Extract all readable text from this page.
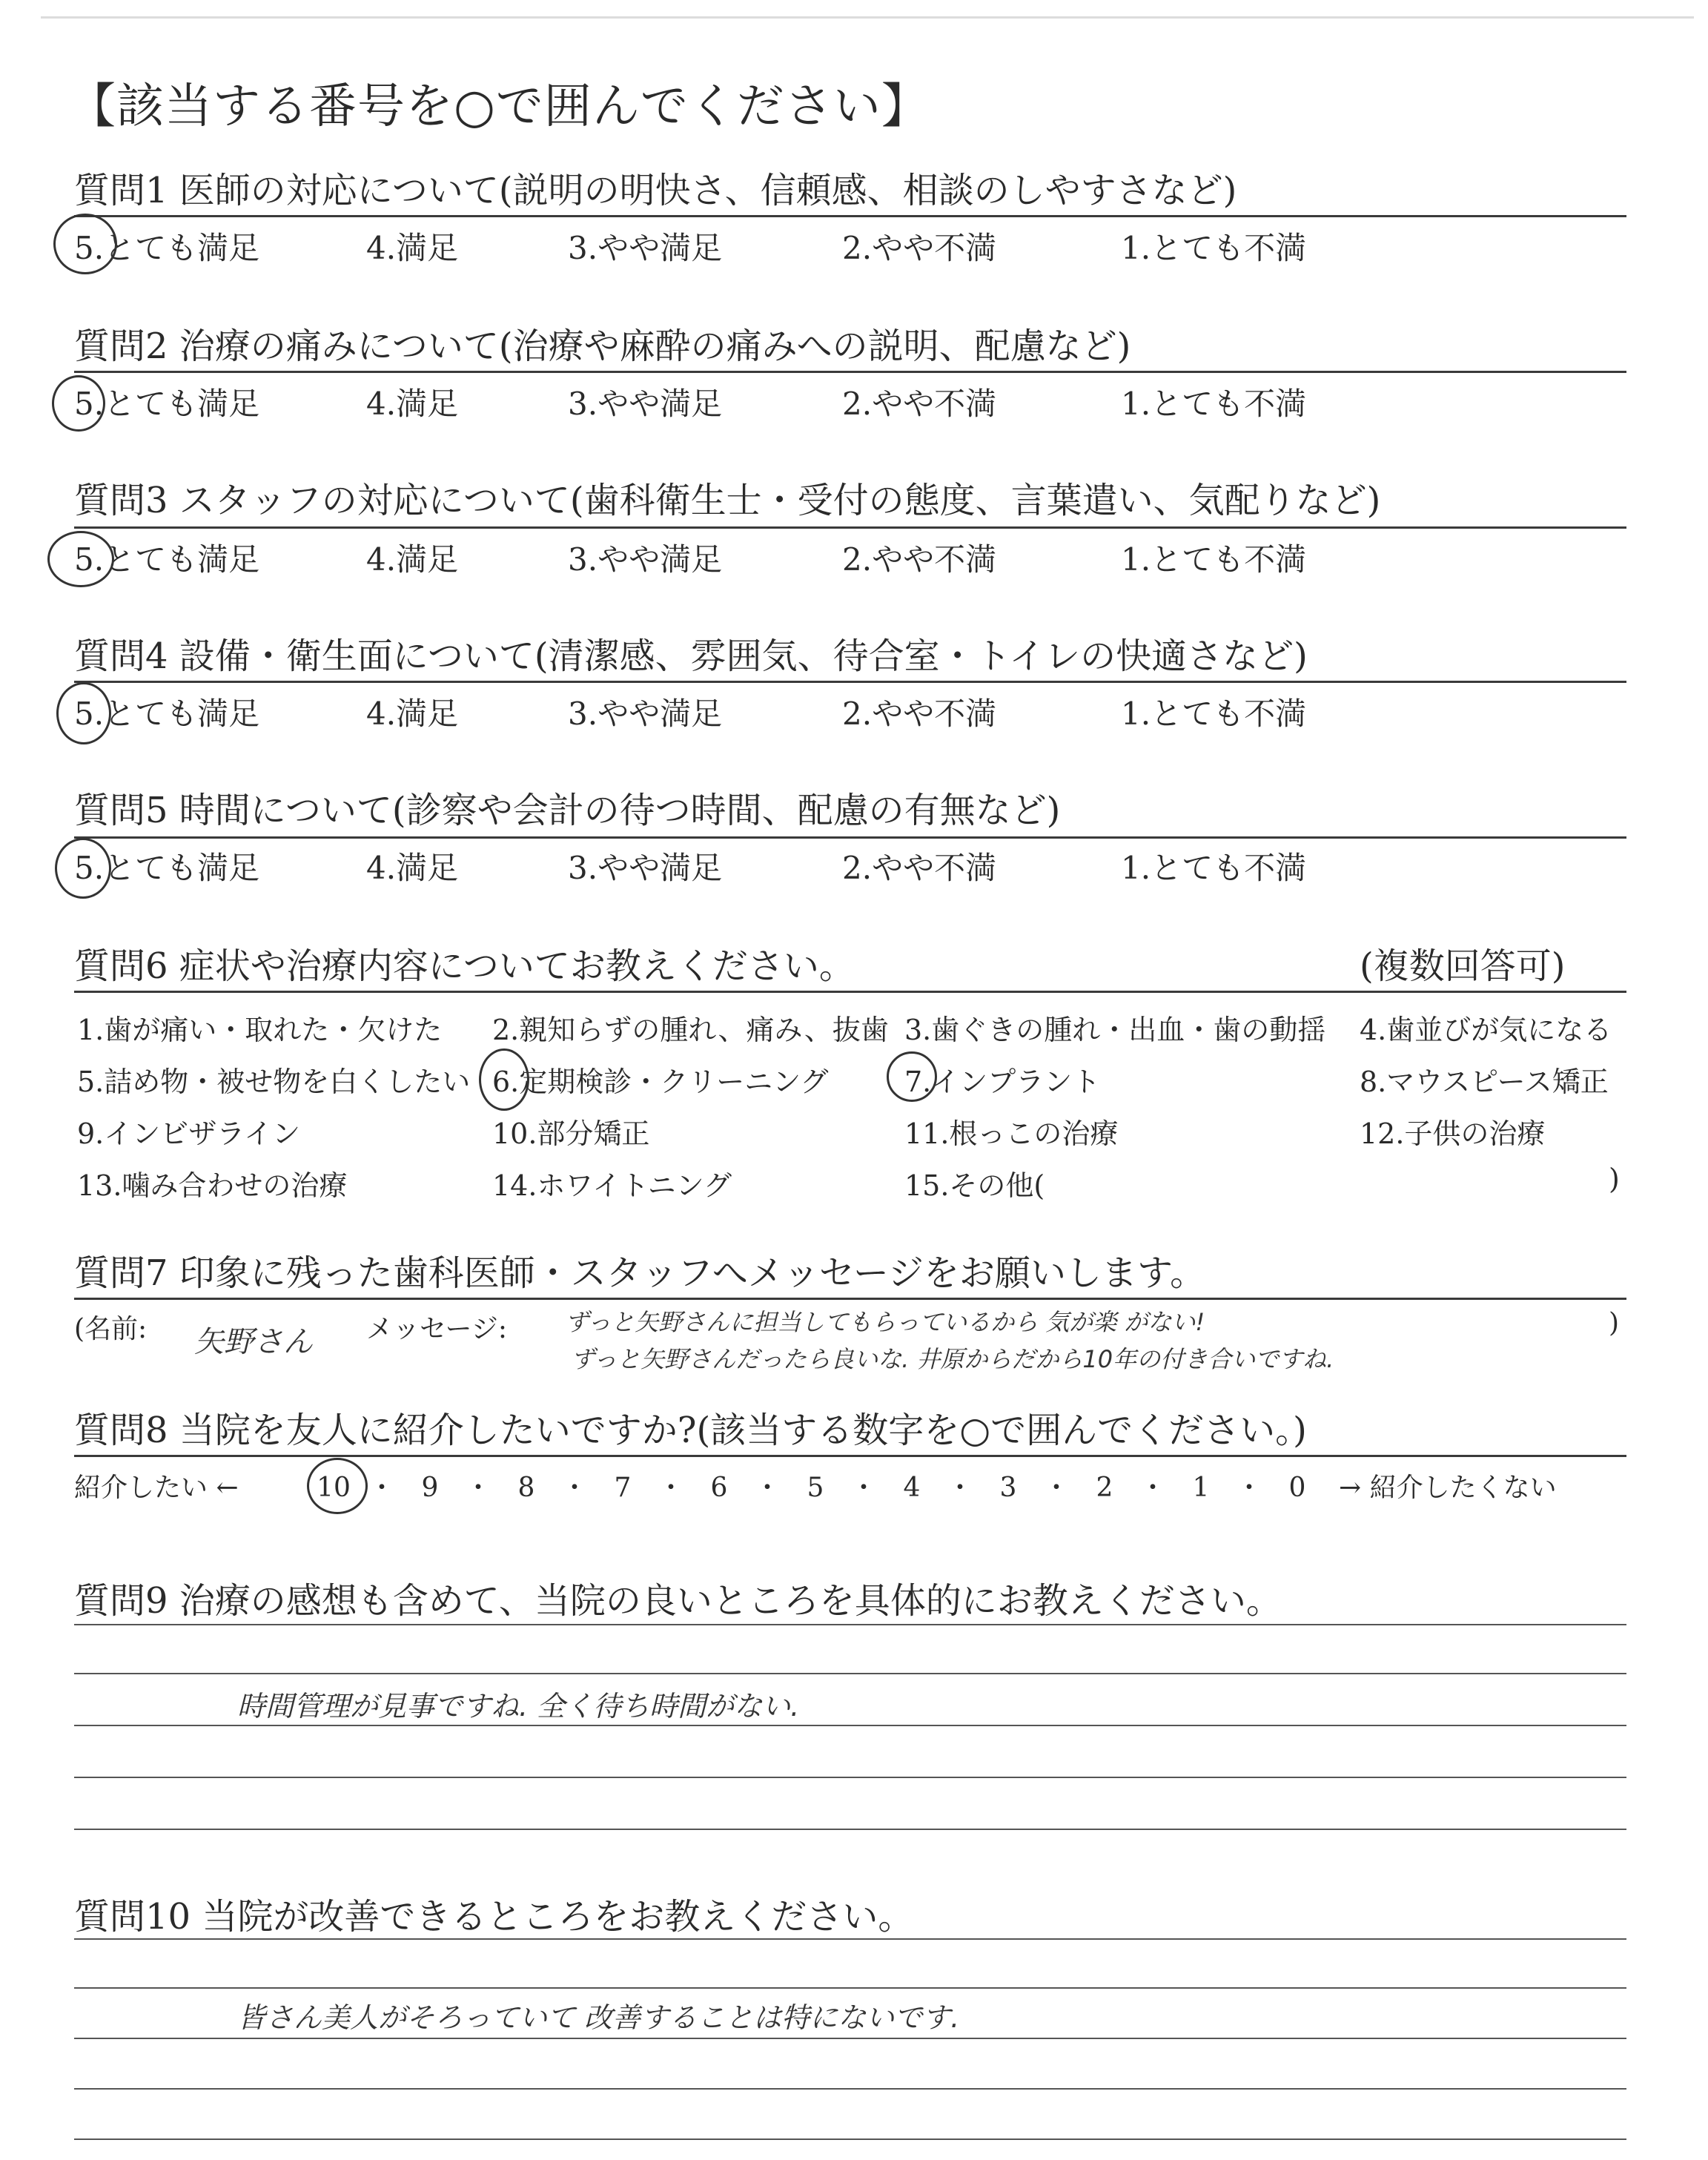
【該当する番号を○で囲んでください】
質問1 医師の対応について(説明の明快さ、信頼感、相談のしやすさなど)
5.とても満足	4.満足	3.やや満足	2.やや不満	1.とても不満
質問2 治療の痛みについて(治療や麻酔の痛みへの説明、配慮など)
5.とても満足	4.満足	3.やや満足	2.やや不満	1.とても不満
質問3 スタッフの対応について(歯科衛生士・受付の態度、言葉遣い、気配りなど)
5.とても満足	4.満足	3.やや満足	2.やや不満	1.とても不満
質問4 設備・衛生面について(清潔感、雰囲気、待合室・トイレの快適さなど)
5.とても満足	4.満足	3.やや満足	2.やや不満	1.とても不満
質問5 時間について(診察や会計の待つ時間、配慮の有無など)
5.とても満足	4.満足	3.やや満足	2.やや不満	1.とても不満
質問6 症状や治療内容についてお教えください。	(複数回答可)
1.歯が痛い・取れた・欠けた 2.親知らずの腫れ、痛み、抜歯 3.歯ぐきの腫れ・出血・歯の動揺 4.歯並びが気になる
5.詰め物・被せ物を白くしたい 6.定期検診・クリーニング	7.インプラント	8.マウスピース矯正
9.インビザライン	10.部分矯正	11.根っこの治療	12.子供の治療
13.噛み合わせの治療	14.ホワイトニング	15.その他(	)
質問7 印象に残った歯科医師・スタッフへメッセージをお願いします。
(名前: 矢野さん メッセージ: ずっと矢野さんに担当してもらっているから 気が楽 がない!
ずっと矢野さんだったら良いな. 井原からだから10年の付き合いですね.
)
質問8 当院を友人に紹介したいですか?(該当する数字を○で囲んでください。)
紹介したい ←	10 ・ 9 ・ 8 ・ 7 ・ 6 ・ 5 ・ 4 ・ 3 ・ 2 ・ 1 ・ 0	→ 紹介したくない
質問9 治療の感想も含めて、当院の良いところを具体的にお教えください。
時間管理が見事ですね. 全く待ち時間がない.
質問10 当院が改善できるところをお教えください。
皆さん美人がそろっていて 改善することは特にないです.
